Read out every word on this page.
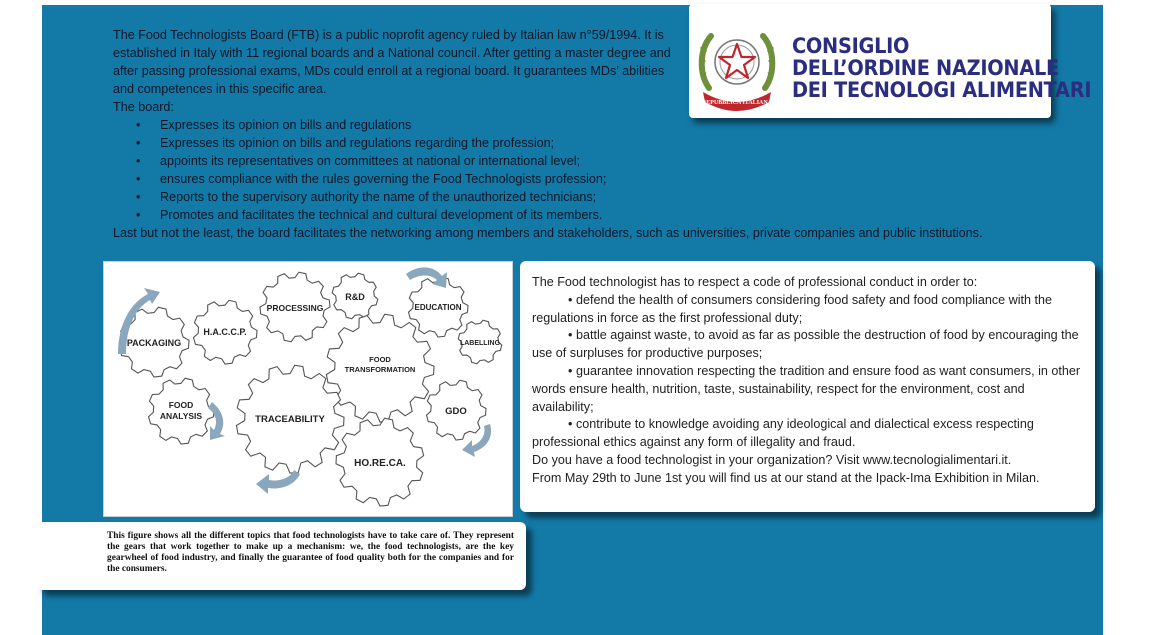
The Food Technologists Board (FTB) is a public noprofit agency ruled by Italian law n°59/1994. It is established in Italy with 11 regional boards and a National council. After getting a master degree and after passing professional exams, MDs could enroll at a regional board. It guarantees MDs’ abilities and competences in this specific area.

The board:

• Expresses its opinion on bills and regulations
• Expresses its opinion on bills and regulations regarding the profession;
• appoints its representatives on committees at national or international level;
• ensures compliance with the rules governing the Food Technologists profession;
• Reports to the supervisory authority the name of the unauthorized technicians;
• Promotes and facilitates the technical and cultural development of its members.

Last but not the least, the board facilitates the networking among members and stakeholders, such as universities, private companies and public institutions.

REPUBBLICA ITALIANA
CONSIGLIO
DELL’ORDINE NAZIONALE
DEI TECNOLOGI ALIMENTARI
PACKAGING
H.A.C.C.P.
PROCESSING
R&D
EDUCATION
LABELLING
FOOD
TRANSFORMATION
FOOD
ANALYSIS	TRACEABILITY
GDO
HO.RE.CA.

The Food technologist has to respect a code of professional conduct in order to:

• defend the health of consumers considering food safety and food compliance with the regulations in force as the first professional duty;

• battle against waste, to avoid as far as possible the destruction of food by encouraging the use of surpluses for productive purposes;

• guarantee innovation respecting the tradition and ensure food as want consumers, in other words ensure health, nutrition, taste, sustainability, respect for the environment, cost and availability;

• contribute to knowledge avoiding any ideological and dialectical excess respecting professional ethics against any form of illegality and fraud.

Do you have a food technologist in your organization? Visit www.tecnologialimentari.it.

From May 29th to June 1st you will find us at our stand at the Ipack-Ima Exhibition in Milan.

This figure shows all the different topics that food technologists have to take care of. They represent the gears that work together to make up a mechanism: we, the food technologists, are the key gearwheel of food industry, and finally the guarantee of food quality both for the companies and for the consumers.
